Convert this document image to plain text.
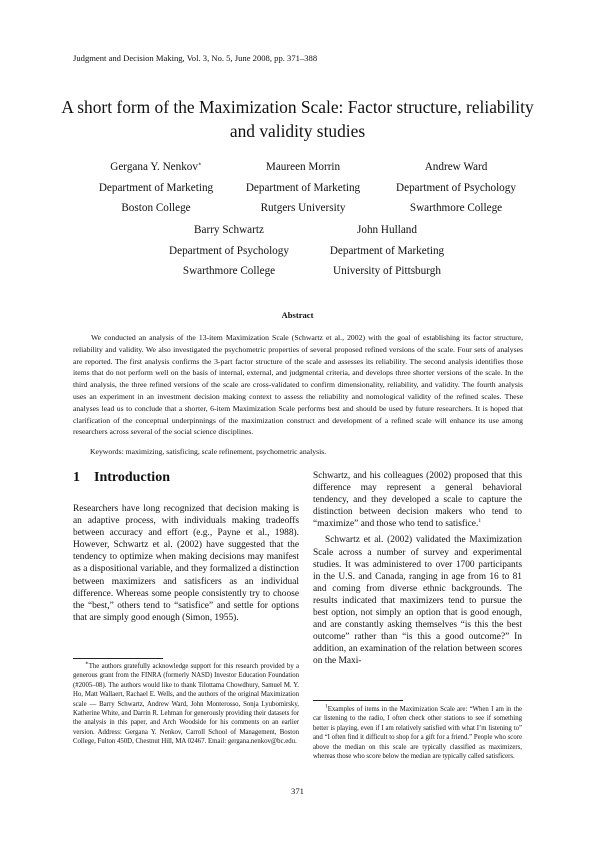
Judgment and Decision Making, Vol. 3, No. 5, June 2008, pp. 371–388
A short form of the Maximization Scale: Factor structure, reliability
and validity studies
Gergana Y. Nenkov∗
Department of Marketing
Boston College
Maureen Morrin
Department of Marketing
Rutgers University
Andrew Ward
Department of Psychology
Swarthmore College
Barry Schwartz
Department of Psychology
Swarthmore College
John Hulland
Department of Marketing
University of Pittsburgh
Abstract
We conducted an analysis of the 13-item Maximization Scale (Schwartz et al., 2002) with the goal of establishing its factor structure, reliability and validity. We also investigated the psychometric properties of several proposed refined versions of the scale. Four sets of analyses are reported. The first analysis confirms the 3-part factor structure of the scale and assesses its reliability. The second analysis identifies those items that do not perform well on the basis of internal, external, and judgmental criteria, and develops three shorter versions of the scale. In the third analysis, the three refined versions of the scale are cross-validated to confirm dimensionality, reliability, and validity. The fourth analysis uses an experiment in an investment decision making context to assess the reliability and nomological validity of the refined scales. These analyses lead us to conclude that a shorter, 6-item Maximization Scale performs best and should be used by future researchers. It is hoped that clarification of the conceptual underpinnings of the maximization construct and development of a refined scale will enhance its use among researchers across several of the social science disciplines.
Keywords: maximizing, satisficing, scale refinement, psychometric analysis.
1 Introduction

Researchers have long recognized that decision making is an adaptive process, with individuals making tradeoffs between accuracy and effort (e.g., Payne et al., 1988). However, Schwartz et al. (2002) have suggested that the tendency to optimize when making decisions may manifest as a dispositional variable, and they formalized a distinction between maximizers and satisficers as an individual difference. Whereas some people consistently try to choose the “best,” others tend to “satisfice” and settle for options that are simply good enough (Simon, 1955).

Schwartz, and his colleagues (2002) proposed that this difference may represent a general behavioral tendency, and they developed a scale to capture the distinction between decision makers who tend to “maximize” and those who tend to satisfice.$^1$

Schwartz et al. (2002) validated the Maximization Scale across a number of survey and experimental studies. It was administered to over 1700 participants in the U.S. and Canada, ranging in age from 16 to 81 and coming from diverse ethnic backgrounds. The results indicated that maximizers tend to pursue the best option, not simply an option that is good enough, and are constantly asking themselves “is this the best outcome” rather than “is this a good outcome?” In addition, an examination of the relation between scores on the Maxi-

∗The authors gratefully acknowledge support for this research provided by a generous grant from the FINRA (formerly NASD) Investor Education Foundation (#2005–08). The authors would like to thank Tilottama Chowdhury, Samuel M. Y. Ho, Matt Wallaert, Rachael E. Wells, and the authors of the original Maximization scale — Barry Schwartz, Andrew Ward, John Monterosso, Sonja Lyubomirsky, Katherine White, and Darrin R. Lehman for generously providing their datasets for the analysis in this paper, and Arch Woodside for his comments on an earlier version. Address: Gergana Y. Nenkov, Carroll School of Management, Boston College, Fulton 450D, Chestnut Hill, MA 02467. Email: gergana.nenkov@bc.edu.
$^1$Examples of items in the Maximization Scale are: “When I am in the car listening to the radio, I often check other stations to see if something better is playing, even if I am relatively satisfied with what I’m listening to” and “I often find it difficult to shop for a gift for a friend.” People who score above the median on this scale are typically classified as maximizers, whereas those who score below the median are typically called satisficers.
371
